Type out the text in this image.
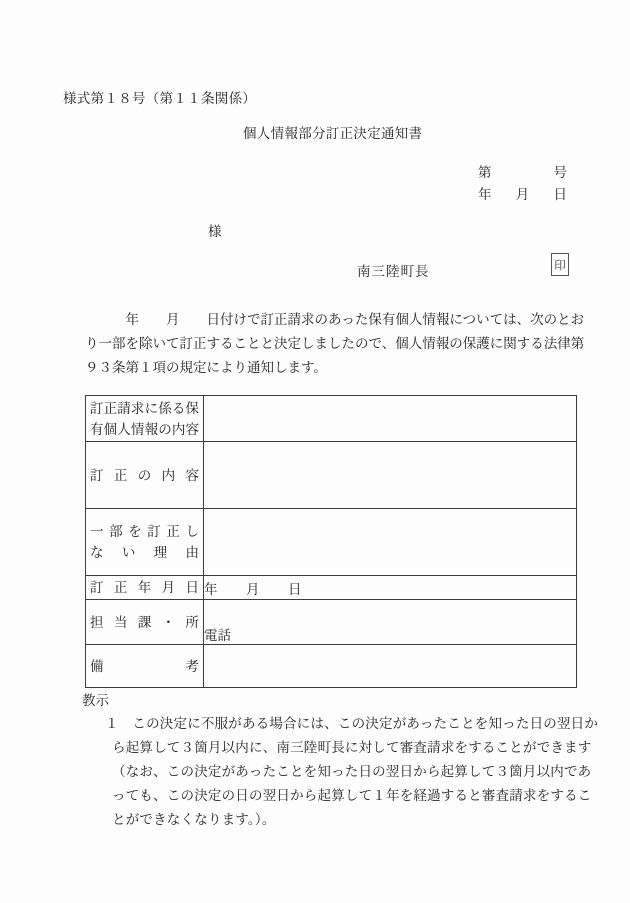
様式第１８号（第１１条関係）
個人情報部分訂正決定通知書
第	号
年 月 日
様
南三陸町長	印
　　　年　　月　　日付けで訂正請求のあった保有個人情報については、次のとお
り一部を除いて訂正することと決定しましたので、個人情報の保護に関する法律第
９３条第１項の規定により通知します。
訂正請求に係る保
有個人情報の内容	

訂正の内容	

一部を訂正し
ない理由	

訂正年月日	年　　月　　日

担当課・所	電話

備考	

教示
１　この決定に不服がある場合には、この決定があったことを知った日の翌日か
ら起算して３箇月以内に、南三陸町長に対して審査請求をすることができます
（なお、この決定があったことを知った日の翌日から起算して３箇月以内であ
っても、この決定の日の翌日から起算して１年を経過すると審査請求をするこ
とができなくなります。）。
